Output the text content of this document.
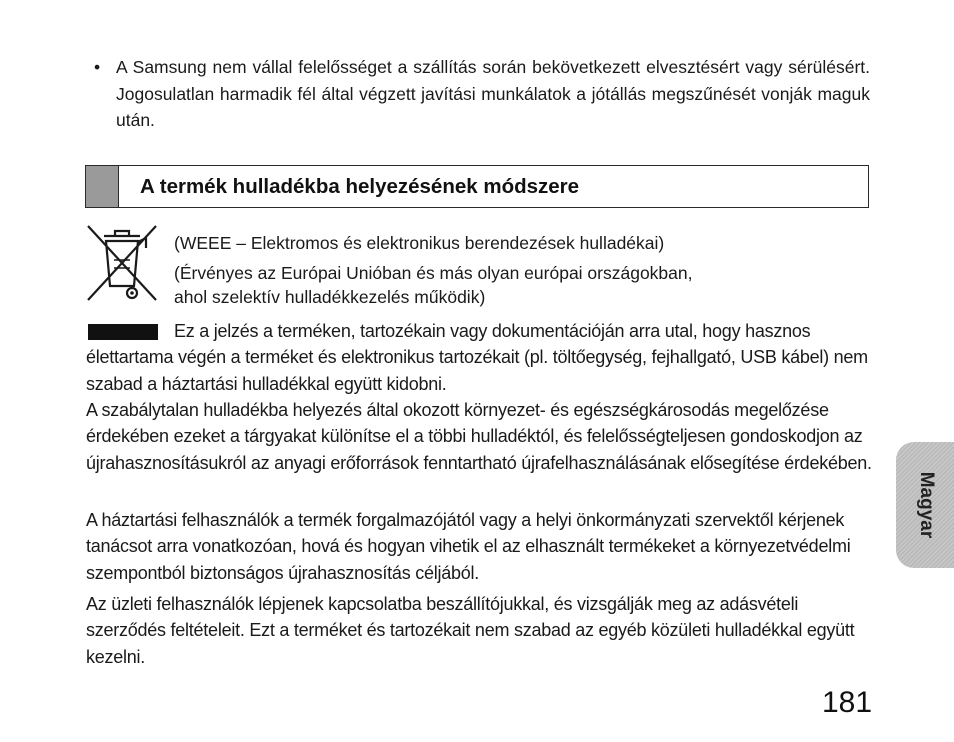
• A Samsung nem vállal felelősséget a szállítás során bekövetkezett elvesztésért vagy sérülésért. Jogosulatlan harmadik fél által végzett javítási munkálatok a jótállás megszűnését vonják maguk után.
A termék hulladékba helyezésének módszere
(WEEE – Elektromos és elektronikus berendezések hulladékai)
(Érvényes az Európai Unióban és más olyan európai országokban,
ahol szelektív hulladékkezelés működik)
Ez a jelzés a terméken, tartozékain vagy dokumentációján arra utal, hogy hasznos élettartama végén a terméket és elektronikus tartozékait (pl. töltőegység, fejhallgató, USB kábel) nem szabad a háztartási hulladékkal együtt kidobni.
A szabálytalan hulladékba helyezés által okozott környezet- és egészségkárosodás megelőzése érdekében ezeket a tárgyakat különítse el a többi hulladéktól, és felelősségteljesen gondoskodjon az újrahasznosításukról az anyagi erőforrások fenntartható újrafelhasználásának elősegítése érdekében.
A háztartási felhasználók a termék forgalmazójától vagy a helyi önkormányzati szervektől kérjenek tanácsot arra vonatkozóan, hová és hogyan vihetik el az elhasznált termékeket a környezetvédelmi szempontból biztonságos újrahasznosítás céljából.
Az üzleti felhasználók lépjenek kapcsolatba beszállítójukkal, és vizsgálják meg az adásvételi szerződés feltételeit. Ezt a terméket és tartozékait nem szabad az egyéb közületi hulladékkal együtt kezelni.
Magyar
181
